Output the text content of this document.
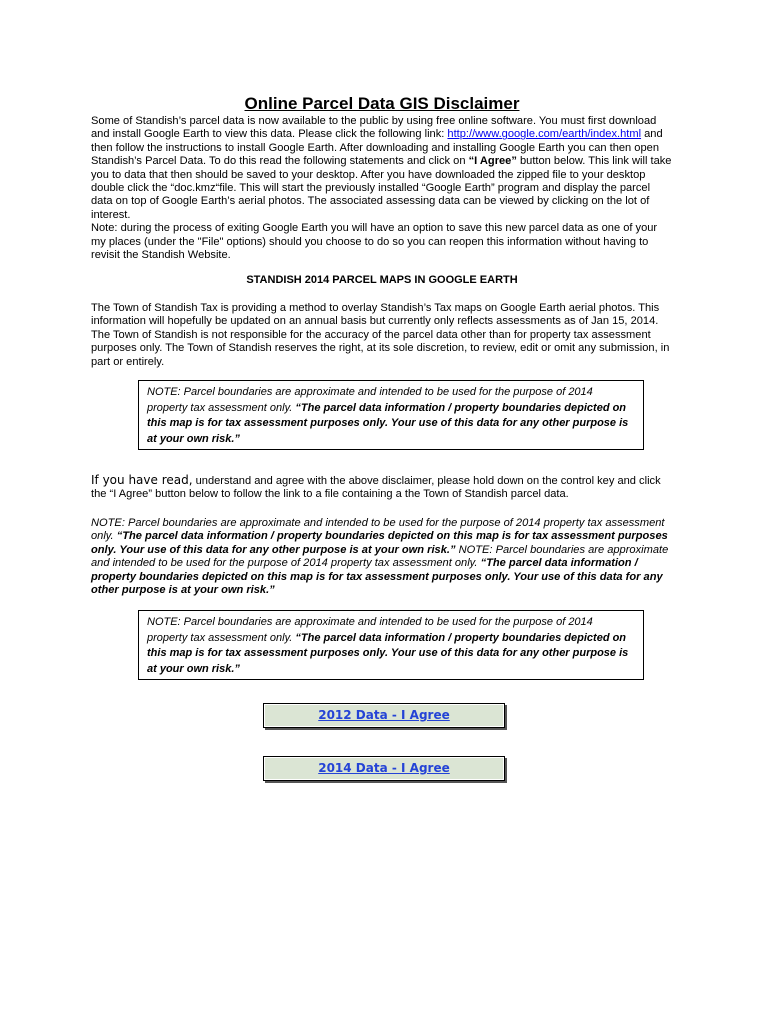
Online Parcel Data GIS Disclaimer
Some of Standish’s parcel data is now available to the public by using free online software. You must first download and install Google Earth to view this data. Please click the following link: http://www.google.com/earth/index.html and then follow the instructions to install Google Earth. After downloading and installing Google Earth you can then open Standish’s Parcel Data. To do this read the following statements and click on “I Agree” button below. This link will take you to data that then should be saved to your desktop. After you have downloaded the zipped file to your desktop double click the “doc.kmz“file. This will start the previously installed “Google Earth” program and display the parcel data on top of Google Earth’s aerial photos. The associated assessing data can be viewed by clicking on the lot of interest.
Note: during the process of exiting Google Earth you will have an option to save this new parcel data as one of your my places (under the "File" options) should you choose to do so you can reopen this information without having to revisit the Standish Website.
STANDISH 2014 PARCEL MAPS IN GOOGLE EARTH
The Town of Standish Tax is providing a method to overlay Standish’s Tax maps on Google Earth aerial photos. This information will hopefully be updated on an annual basis but currently only reflects assessments as of Jan 15, 2014. The Town of Standish is not responsible for the accuracy of the parcel data other than for property tax assessment purposes only. The Town of Standish reserves the right, at its sole discretion, to review, edit or omit any submission, in part or entirely.
NOTE: Parcel boundaries are approximate and intended to be used for the purpose of 2014 property tax assessment only. “The parcel data information / property boundaries depicted on this map is for tax assessment purposes only. Your use of this data for any other purpose is at your own risk.”
If you have read, understand and agree with the above disclaimer, please hold down on the control key and click the “I Agree” button below to follow the link to a file containing a the Town of Standish parcel data.
NOTE: Parcel boundaries are approximate and intended to be used for the purpose of 2014 property tax assessment only. “The parcel data information / property boundaries depicted on this map is for tax assessment purposes only. Your use of this data for any other purpose is at your own risk.” NOTE: Parcel boundaries are approximate and intended to be used for the purpose of 2014 property tax assessment only. “The parcel data information / property boundaries depicted on this map is for tax assessment purposes only. Your use of this data for any other purpose is at your own risk.”
NOTE: Parcel boundaries are approximate and intended to be used for the purpose of 2014 property tax assessment only. “The parcel data information / property boundaries depicted on this map is for tax assessment purposes only. Your use of this data for any other purpose is at your own risk.”
2012 Data - I Agree
2014 Data - I Agree
